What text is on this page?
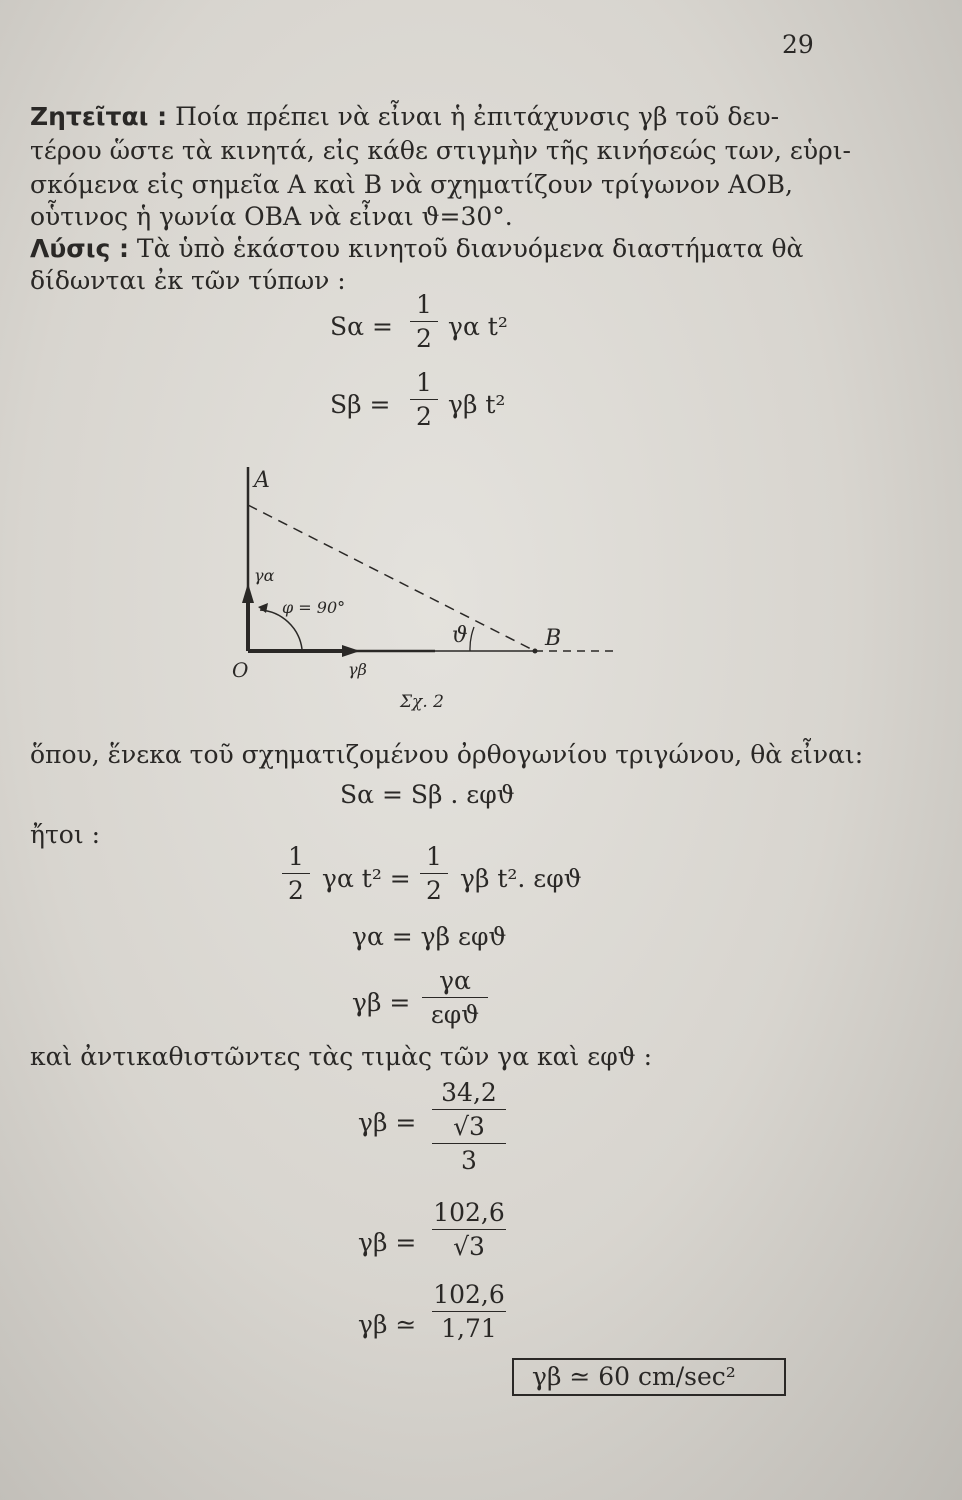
29
Ζητεῖται : Ποία πρέπει νὰ εἶναι ἡ ἐπιτάχυνσις γβ τοῦ δευ-
τέρου ὥστε τὰ κινητά, εἰς κάθε στιγμὴν τῆς κινήσεώς των, εὑρι-
σκόμενα εἰς σημεῖα Α καὶ Β νὰ σχηματίζουν τρίγωνον ΑΟΒ,
οὗτινος ἡ γωνία ΟΒΑ νὰ εἶναι ϑ=30°.
Λύσις : Τὰ ὑπὸ ἑκάστου κινητοῦ διανυόμενα διαστήματα θὰ
δίδωνται ἐκ τῶν τύπων :
Sα =
1
2 γα t²
Sβ =
1
2 γβ t²
A
O
B
γα
γβ
φ = 90°
ϑ
Σχ. 2
ὅπου, ἕνεκα τοῦ σχηματιζομένου ὀρθογωνίου τριγώνου, θὰ εἶναι:
Sα = Sβ . εφϑ
ἤτοι :
1
2 γα t² =
1
2 γβ t². εφϑ
γα = γβ εφϑ
γβ =
γα
εφϑ
καὶ ἀντικαθιστῶντες τὰς τιμὰς τῶν γα καὶ εφϑ :
γβ =
34,2
√3
3
γβ =
102,6
√3
γβ ≃
102,6
1,71
γβ ≃ 60 cm/sec²
